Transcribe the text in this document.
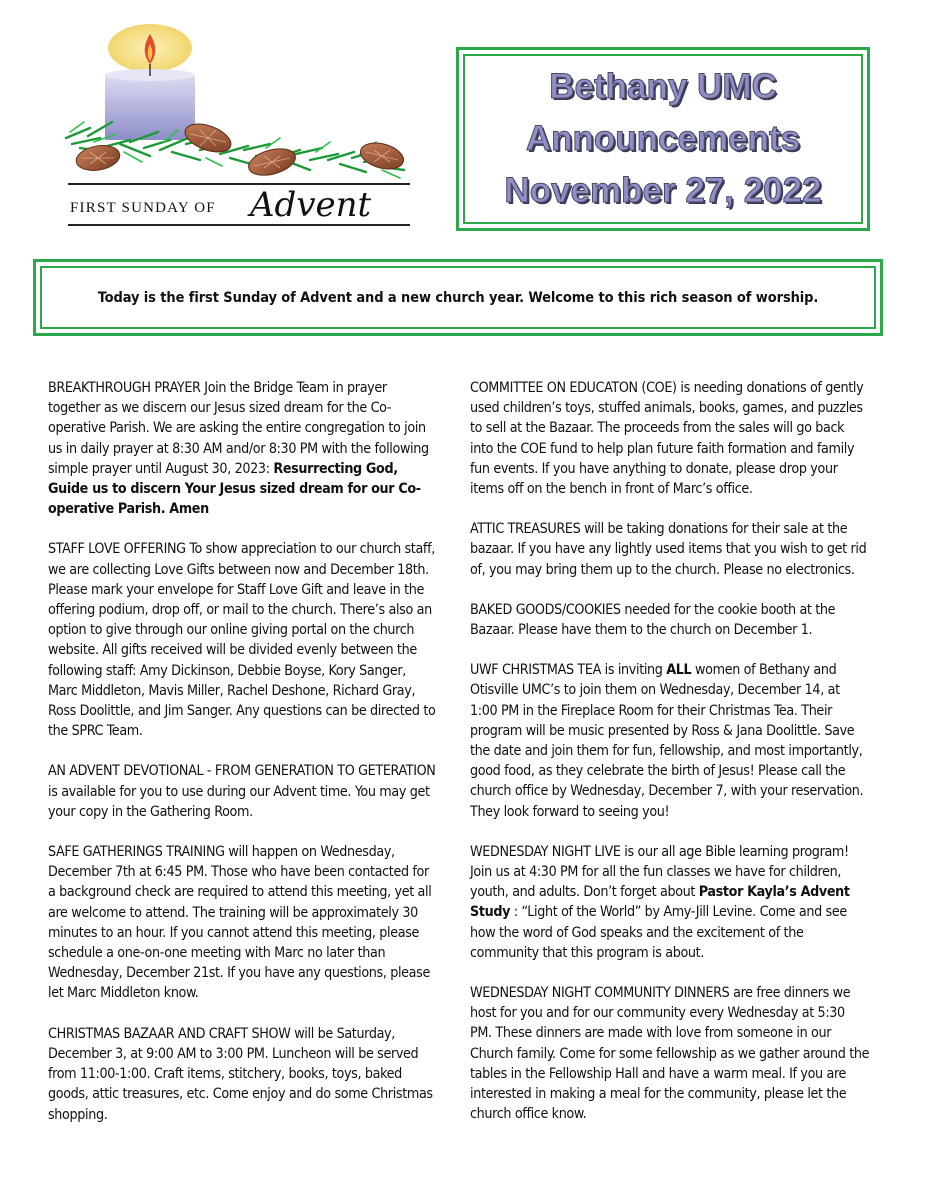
FIRST SUNDAY OF Advent
Bethany UMC
Announcements
November 27, 2022
Today is the first Sunday of Advent and a new church year. Welcome to this rich season of worship.

BREAKTHROUGH PRAYER Join the Bridge Team in prayer together as we discern our Jesus sized dream for the Co-operative Parish. We are asking the entire congregation to join us in daily prayer at 8:30 AM and/or 8:30 PM with the following simple prayer until August 30, 2023: Resurrecting God, Guide us to discern Your Jesus sized dream for our Co-operative Parish. Amen

STAFF LOVE OFFERING To show appreciation to our church staff, we are collecting Love Gifts between now and December 18th. Please mark your envelope for Staff Love Gift and leave in the offering podium, drop off, or mail to the church. There’s also an option to give through our online giving portal on the church website. All gifts received will be divided evenly between the following staff: Amy Dickinson, Debbie Boyse, Kory Sanger, Marc Middleton, Mavis Miller, Rachel Deshone, Richard Gray, Ross Doolittle, and Jim Sanger. Any questions can be directed to the SPRC Team.

AN ADVENT DEVOTIONAL - FROM GENERATION TO GETERATION is available for you to use during our Advent time. You may get your copy in the Gathering Room.

SAFE GATHERINGS TRAINING will happen on Wednesday, December 7th at 6:45 PM. Those who have been contacted for a background check are required to attend this meeting, yet all are welcome to attend. The training will be approximately 30 minutes to an hour. If you cannot attend this meeting, please schedule a one-on-one meeting with Marc no later than Wednesday, December 21st. If you have any questions, please let Marc Middleton know.

CHRISTMAS BAZAAR AND CRAFT SHOW will be Saturday, December 3, at 9:00 AM to 3:00 PM. Luncheon will be served from 11:00-1:00. Craft items, stitchery, books, toys, baked goods, attic treasures, etc. Come enjoy and do some Christmas shopping.

COMMITTEE ON EDUCATON (COE) is needing donations of gently used children’s toys, stuffed animals, books, games, and puzzles to sell at the Bazaar. The proceeds from the sales will go back into the COE fund to help plan future faith formation and family fun events. If you have anything to donate, please drop your items off on the bench in front of Marc’s office.

ATTIC TREASURES will be taking donations for their sale at the bazaar. If you have any lightly used items that you wish to get rid of, you may bring them up to the church. Please no electronics.

BAKED GOODS/COOKIES needed for the cookie booth at the Bazaar. Please have them to the church on December 1.

UWF CHRISTMAS TEA is inviting ALL women of Bethany and Otisville UMC’s to join them on Wednesday, December 14, at 1:00 PM in the Fireplace Room for their Christmas Tea. Their program will be music presented by Ross & Jana Doolittle. Save the date and join them for fun, fellowship, and most importantly, good food, as they celebrate the birth of Jesus! Please call the church office by Wednesday, December 7, with your reservation. They look forward to seeing you!

WEDNESDAY NIGHT LIVE is our all age Bible learning program! Join us at 4:30 PM for all the fun classes we have for children, youth, and adults. Don’t forget about Pastor Kayla’s Advent Study : “Light of the World” by Amy-Jill Levine. Come and see how the word of God speaks and the excitement of the community that this program is about.

WEDNESDAY NIGHT COMMUNITY DINNERS are free dinners we host for you and for our community every Wednesday at 5:30 PM. These dinners are made with love from someone in our Church family. Come for some fellowship as we gather around the tables in the Fellowship Hall and have a warm meal. If you are interested in making a meal for the community, please let the church office know.
